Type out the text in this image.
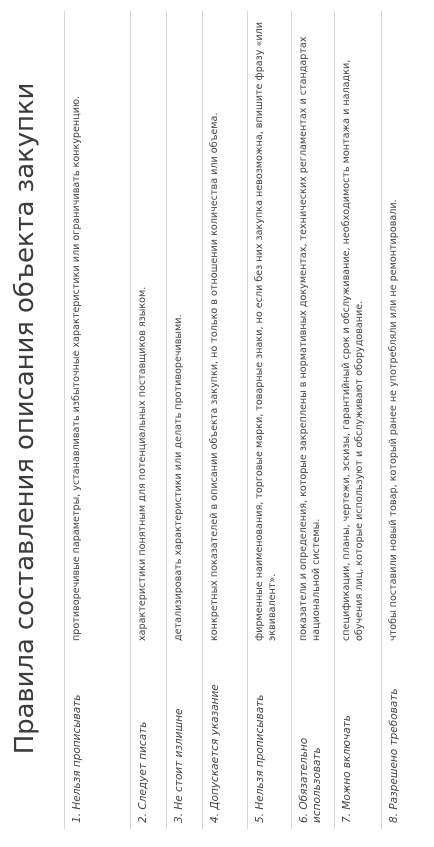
Правила составления описания объекта закупки
1. Нельзя прописывать
противоречивые параметры, устанавливать избыточные характеристики или ограничивать конкуренцию.
2. Следует писать
характеристики понятным для потенциальных поставщиков языком.
3. Не стоит излишне
детализировать характеристики или делать противоречивыми.
4. Допускается указание
конкретных показателей в описании объекта закупки, но только в отношении количества или объема.
5. Нельзя прописывать
фирменные наименования, торговые марки, товарные знаки, но если без них закупка невозможна, впишите фразу «или эквивалент».
6. Обязательно использовать
показатели и определения, которые закреплены в нормативных документах, технических регламентах и стандартах национальной системы.
7. Можно включать
спецификации, планы, чертежи, эскизы, гарантийный срок и обслуживание, необходимость монтажа и наладки, обучения лиц, которые используют и обслуживают оборудование.
8. Разрешено требовать
чтобы поставили новый товар, который ранее не употребляли или не ремонтировали.
